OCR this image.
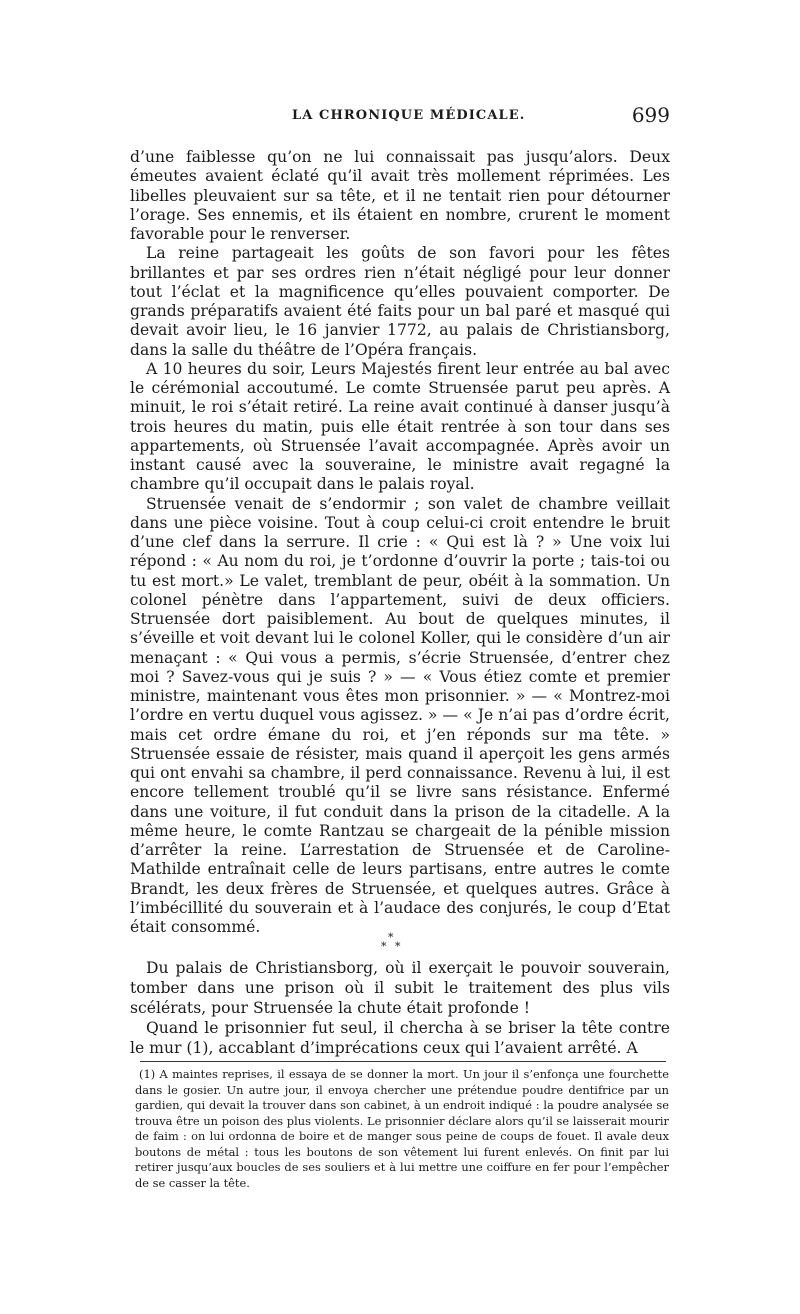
LA CHRONIQUE MÉDICALE.	699

d’une faiblesse qu’on ne lui connaissait pas jusqu’alors. Deux émeutes avaient éclaté qu’il avait très mollement réprimées. Les libelles pleuvaient sur sa tête, et il ne tentait rien pour détourner l’orage. Ses ennemis, et ils étaient en nombre, crurent le moment favorable pour le renverser.

La reine partageait les goûts de son favori pour les fêtes brillantes et par ses ordres rien n’était négligé pour leur donner tout l’éclat et la magnificence qu’elles pouvaient comporter. De grands préparatifs avaient été faits pour un bal paré et masqué qui devait avoir lieu, le 16 janvier 1772, au palais de Christiansborg, dans la salle du théâtre de l’Opéra français.

A 10 heures du soir, Leurs Majestés firent leur entrée au bal avec le cérémonial accoutumé. Le comte Struensée parut peu après. A minuit, le roi s’était retiré. La reine avait continué à danser jusqu’à trois heures du matin, puis elle était rentrée à son tour dans ses appartements, où Struensée l’avait accompagnée. Après avoir un instant causé avec la souveraine, le ministre avait regagné la chambre qu’il occupait dans le palais royal.

Struensée venait de s’endormir ; son valet de chambre veillait dans une pièce voisine. Tout à coup celui-ci croit entendre le bruit d’une clef dans la serrure. Il crie : « Qui est là ? » Une voix lui répond : « Au nom du roi, je t’ordonne d’ouvrir la porte ; tais-toi ou tu est mort.» Le valet, tremblant de peur, obéit à la sommation. Un colonel pénètre dans l’appartement, suivi de deux officiers. Struensée dort paisiblement. Au bout de quelques minutes, il s’éveille et voit devant lui le colonel Koller, qui le considère d’un air menaçant : « Qui vous a permis, s’écrie Struensée, d’entrer chez moi ? Savez-vous qui je suis ? » — « Vous étiez comte et premier ministre, maintenant vous êtes mon prisonnier. » — « Montrez-moi l’ordre en vertu duquel vous agissez. » — « Je n’ai pas d’ordre écrit, mais cet ordre émane du roi, et j’en réponds sur ma tête. » Struensée essaie de résister, mais quand il aperçoit les gens armés qui ont envahi sa chambre, il perd connaissance. Revenu à lui, il est encore tellement troublé qu’il se livre sans résistance. Enfermé dans une voiture, il fut conduit dans la prison de la citadelle. A la même heure, le comte Rantzau se chargeait de la pénible mission d’arrêter la reine. L’arrestation de Struensée et de Caroline-Mathilde entraînait celle de leurs partisans, entre autres le comte Brandt, les deux frères de Struensée, et quelques autres. Grâce à l’imbécillité du souverain et à l’audace des conjurés, le coup d’Etat était consommé.

*
* *

Du palais de Christiansborg, où il exerçait le pouvoir souverain, tomber dans une prison où il subit le traitement des plus vils scélérats, pour Struensée la chute était profonde !

Quand le prisonnier fut seul, il chercha à se briser la tête contre le mur (1), accablant d’imprécations ceux qui l’avaient arrêté. A

(1) A maintes reprises, il essaya de se donner la mort. Un jour il s’enfonça une fourchette dans le gosier. Un autre jour, il envoya chercher une prétendue poudre dentifrice par un gardien, qui devait la trouver dans son cabinet, à un endroit indiqué : la poudre analysée se trouva être un poison des plus violents. Le prisonnier déclare alors qu’il se laisserait mourir de faim : on lui ordonna de boire et de manger sous peine de coups de fouet. Il avale deux boutons de métal : tous les boutons de son vêtement lui furent enlevés. On finit par lui retirer jusqu’aux boucles de ses souliers et à lui mettre une coiffure en fer pour l’empêcher de se casser la tête.
